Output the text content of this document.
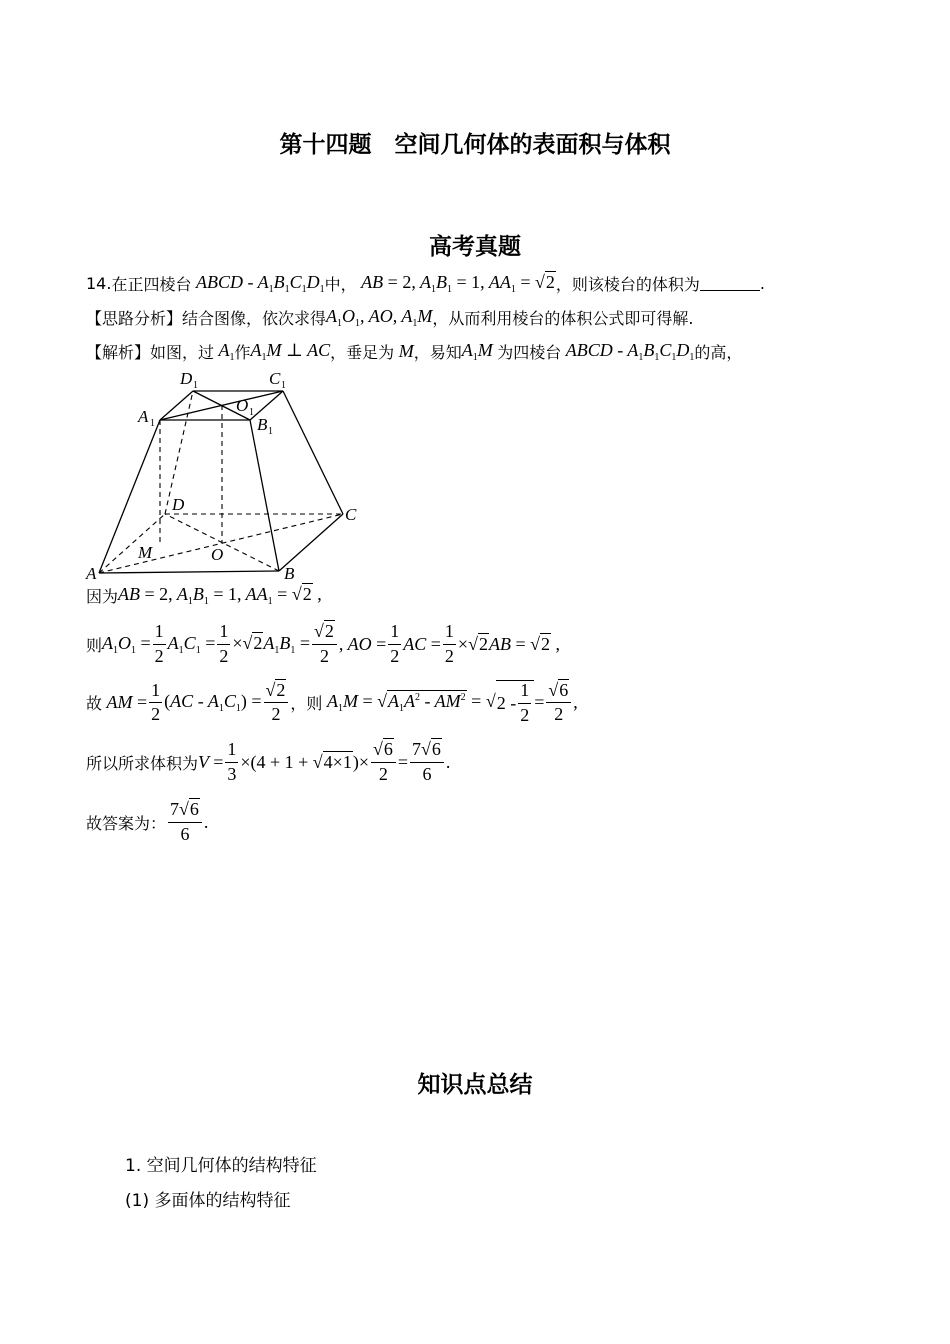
第十四题　空间几何体的表面积与体积
高考真题
14. 在正四棱台 ABCD - $A_1B_1C_1D_1$ 中， AB = 2, $A_1B_1 = 1$, $AA_1 = √2$ ，则该棱台的体积为	.
【思路分析】 结合图像，依次求得 $A_1O_1$, AO, $A_1M$ ，从而利用棱台的体积公式即可得解.
【解析】 如图，过 $A_1$ 作 $A_1M$ ⊥ AC ，垂足为 M ，易知 $A_1M$ 为四棱台 ABCD - $A_1B_1C_1D_1$ 的高，
A	B
C
D
M	O
A 1	B 1
C 1
D 1
O 1
因为 AB = 2, $A_1B_1 = 1$, $AA_1 = √2$ ,
则 $A_1O_1 = \frac{1}{2} A_1C_1 = \frac{1}{2} \times√2A_1B_1 = \frac{√2}{2}$ , AO = $\frac{1}{2}$ AC = $\frac{1}{2} \times√2AB = √2$ ,
故 AM = $\frac{1}{2} (AC - A_1C_1) = \frac{√2}{2}$ ，则 $A_1M = √A_1A^2 - AM^2$ = √ $2 - \frac{1}{2} = \frac{√6}{2}$ ,
所以所求体积为 $V = \frac{1}{3} \times(4 + 1 + √4\times 1)\times \frac{√6}{2} = \frac{7√6}{6}$ .
故答案为： $\frac{7√6}{6}$ .
知识点总结
1. 空间几何体的结构特征
(1) 多面体的结构特征
